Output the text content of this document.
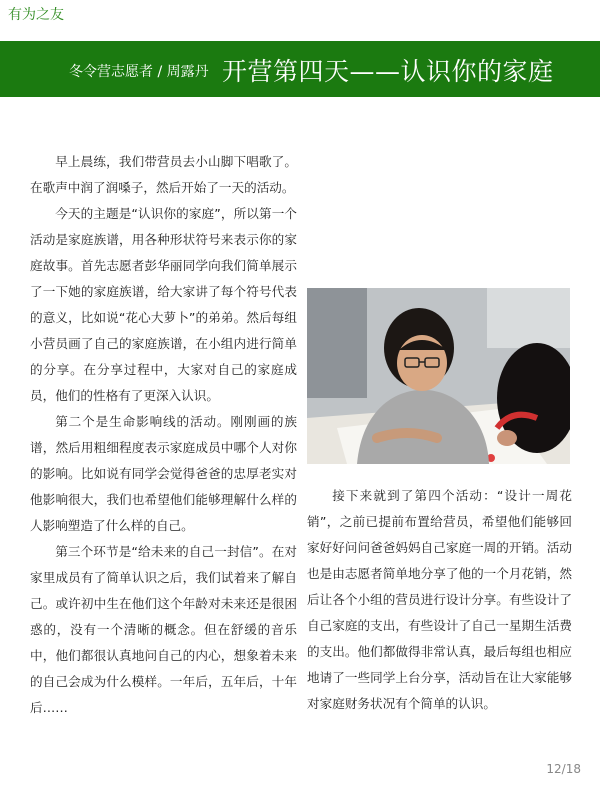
有为之友
冬令营志愿者 / 周露丹 开营第四天——认识你的家庭

早上晨练，我们带营员去小山脚下唱歌了。在歌声中润了润嗓子，然后开始了一天的活动。

今天的主题是“认识你的家庭”，所以第一个活动是家庭族谱，用各种形状符号来表示你的家庭故事。首先志愿者彭华丽同学向我们简单展示了一下她的家庭族谱，给大家讲了每个符号代表的意义，比如说“花心大萝卜”的弟弟。然后每组小营员画了自己的家庭族谱，在小组内进行简单的分享。在分享过程中，大家对自己的家庭成员，他们的性格有了更深入认识。

第二个是生命影响线的活动。刚刚画的族谱，然后用粗细程度表示家庭成员中哪个人对你的影响。比如说有同学会觉得爸爸的忠厚老实对他影响很大，我们也希望他们能够理解什么样的人影响塑造了什么样的自己。

第三个环节是“给未来的自己一封信”。在对家里成员有了简单认识之后，我们试着来了解自己。或许初中生在他们这个年龄对未来还是很困惑的，没有一个清晰的概念。但在舒缓的音乐中，他们都很认真地问自己的内心，想象着未来的自己会成为什么模样。一年后，五年后，十年后……

接下来就到了第四个活动：“设计一周花销”，之前已提前布置给营员，希望他们能够回家好好问问爸爸妈妈自己家庭一周的开销。活动也是由志愿者简单地分享了他的一个月花销，然后让各个小组的营员进行设计分享。有些设计了自己家庭的支出，有些设计了自己一星期生活费的支出。他们都做得非常认真，最后每组也相应地请了一些同学上台分享，活动旨在让大家能够对家庭财务状况有个简单的认识。

12/18
